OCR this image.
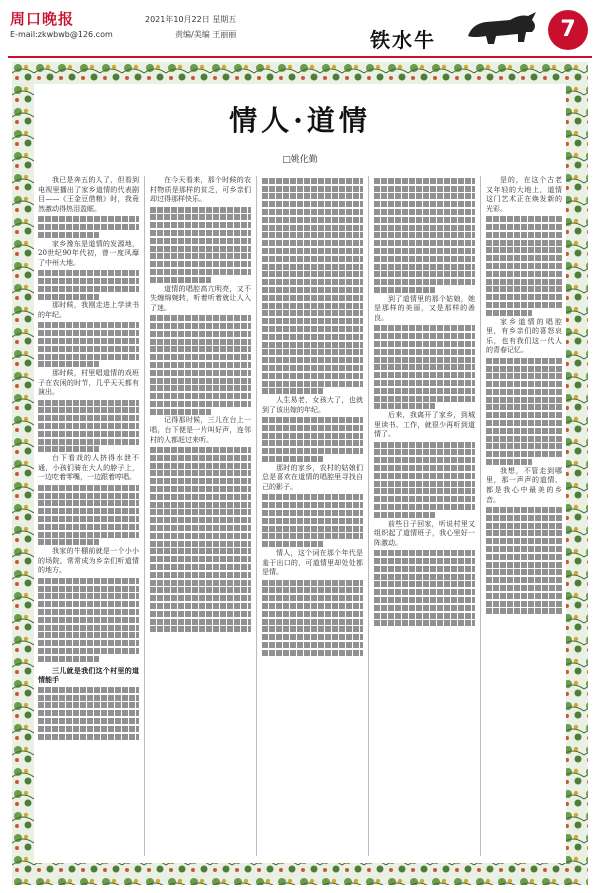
周口晚报
E-mail:zkwbwb@126.com
2021年10月22日 星期五
责编/美编 王丽丽	铁水牛	7
情人·道情
□姚化勤

我已是奔五的人了，但看到电视里播出了家乡道情的代表剧目——《王金豆借粮》时，我竟然激动得热泪盈眶。

家乡豫东是道情的发源地，20世纪90年代初，曾一度风靡了中州大地。

那时候，我刚走进上学读书的年纪。

那时候，村里唱道情的戏班子在农闲的时节，几乎天天都有演出。

台下看戏的人挤得水泄不通，小孩们骑在大人的脖子上，一边吃着零嘴，一边跟着哼唱。

我家的牛棚前就是一个小小的场院，常常成为乡亲们听道情的地方。

三儿就是我们这个村里的道情能手

在今天看来，那个时候的农村物质是那样的贫乏，可乡亲们却过得那样快乐。

道情的唱腔高亢明亮，又不失缠绵婉转，听着听着就让人入了迷。

记得那时候，三儿在台上一唱，台下便是一片叫好声，连邻村的人都赶过来听。

人生易老，女孩大了，也就到了该出嫁的年纪。

那时的家乡，农村的姑娘们总是喜欢在道情的唱腔里寻找自己的影子。

情人，这个词在那个年代是羞于出口的，可道情里却处处都是情。

到了道情里的那个姑娘，她是那样的美丽，又是那样的善良。

后来，我离开了家乡，到城里读书、工作，就很少再听到道情了。

前些日子回家，听说村里又组织起了道情班子，我心里好一阵激动。

是的，在这个古老又年轻的大地上，道情这门艺术正在焕发新的光彩。

家乡道情的唱腔里，有乡亲们的喜怒哀乐，也有我们这一代人的青春记忆。

我想，不管走到哪里，那一声声的道情，都是我心中最美的乡音。
